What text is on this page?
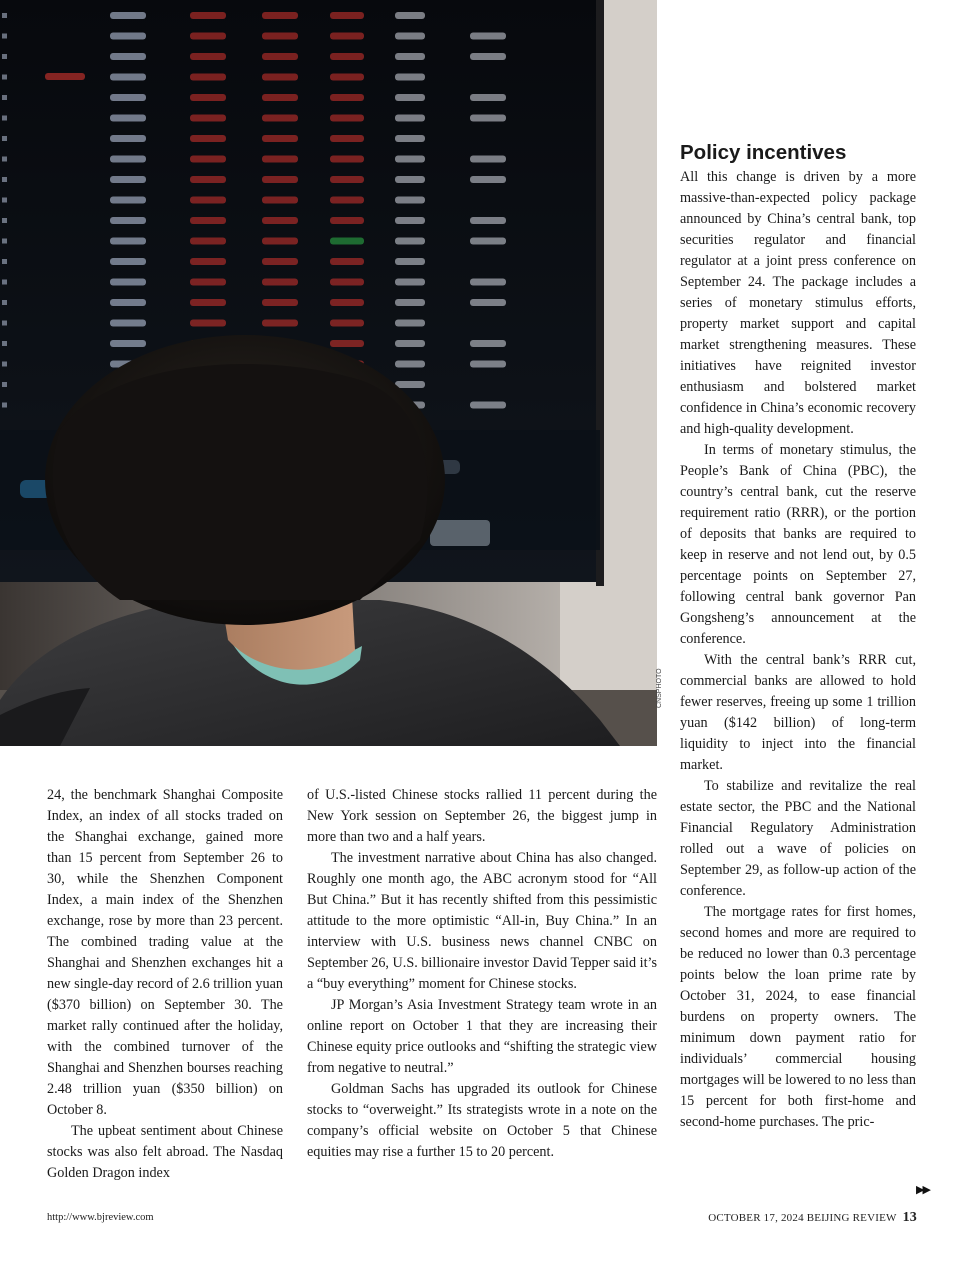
CNSPHOTO
Policy incentives

All this change is driven by a more massive-than-expected policy package announced by China’s central bank, top securities regulator and financial regulator at a joint press conference on September 24. The package includes a series of monetary stimulus efforts, property market support and capital market strengthening measures. These initiatives have reignited investor enthusiasm and bolstered market confidence in China’s economic recovery and high-quality development.

In terms of monetary stimulus, the People’s Bank of China (PBC), the country’s central bank, cut the reserve requirement ratio (RRR), or the portion of deposits that banks are required to keep in reserve and not lend out, by 0.5 percentage points on September 27, following central bank governor Pan Gongsheng’s announcement at the conference.

With the central bank’s RRR cut, commercial banks are allowed to hold fewer reserves, freeing up some 1 trillion yuan ($142 billion) of long-term liquidity to inject into the financial market.

To stabilize and revitalize the real estate sector, the PBC and the National Financial Regulatory Administration rolled out a wave of policies on September 29, as follow-up action of the conference.

The mortgage rates for first homes, second homes and more are required to be reduced no lower than 0.3 percentage points below the loan prime rate by October 31, 2024, to ease financial burdens on property owners. The minimum down payment ratio for individuals’ commercial housing mortgages will be lowered to no less than 15 percent for both first-home and second-home purchases. The pric-

▶▶

24, the benchmark Shanghai Composite Index, an index of all stocks traded on the Shanghai exchange, gained more than 15 percent from September 26 to 30, while the Shenzhen Component Index, a main index of the Shenzhen exchange, rose by more than 23 percent. The combined trading value at the Shanghai and Shenzhen exchanges hit a new single-day record of 2.6 trillion yuan ($370 billion) on September 30. The market rally continued after the holiday, with the combined turnover of the Shanghai and Shenzhen bourses reaching 2.48 trillion yuan ($350 billion) on October 8.

The upbeat sentiment about Chinese stocks was also felt abroad. The Nasdaq Golden Dragon index

of U.S.-listed Chinese stocks rallied 11 percent during the New York session on September 26, the biggest jump in more than two and a half years.

The investment narrative about China has also changed. Roughly one month ago, the ABC acronym stood for “All But China.” But it has recently shifted from this pessimistic attitude to the more optimistic “All-in, Buy China.” In an interview with U.S. business news channel CNBC on September 26, U.S. billionaire investor David Tepper said it’s a “buy everything” moment for Chinese stocks.

JP Morgan’s Asia Investment Strategy team wrote in an online report on October 1 that they are increasing their Chinese equity price outlooks and “shifting the strategic view from negative to neutral.”

Goldman Sachs has upgraded its outlook for Chinese stocks to “overweight.” Its strategists wrote in a note on the company’s official website on October 5 that Chinese equities may rise a further 15 to 20 percent.

http://www.bjreview.com	OCTOBER 17, 2024 BEIJING REVIEW 13
